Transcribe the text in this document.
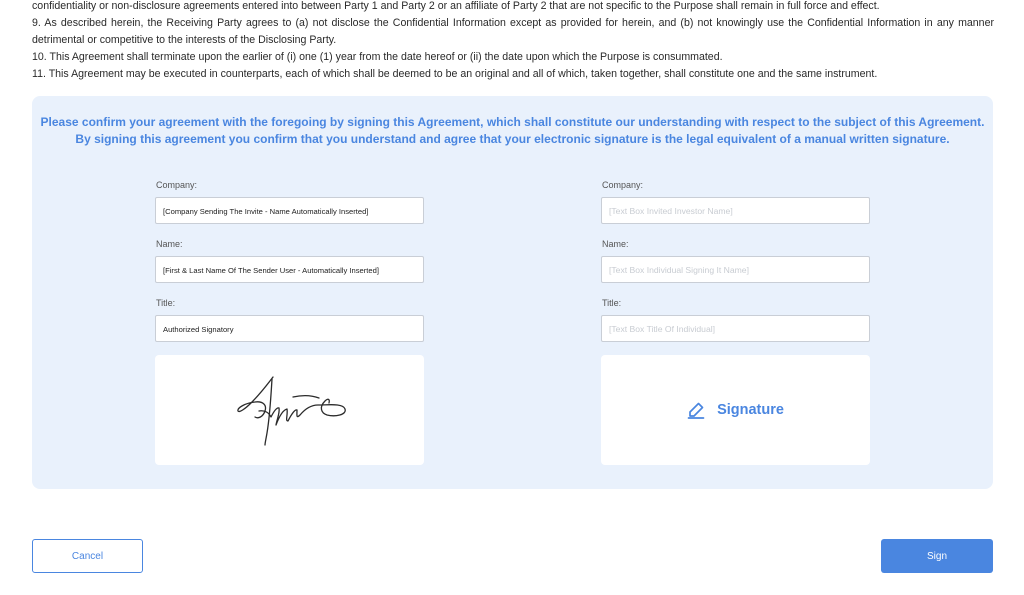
confidentiality or non-disclosure agreements entered into between Party 1 and Party 2 or an affiliate of Party 2 that are not specific to the Purpose shall remain in full force and effect.

9. As described herein, the Receiving Party agrees to (a) not disclose the Confidential Information except as provided for herein, and (b) not knowingly use the Confidential Information in any manner detrimental or competitive to the interests of the Disclosing Party.

10. This Agreement shall terminate upon the earlier of (i) one (1) year from the date hereof or (ii) the date upon which the Purpose is consummated.

11. This Agreement may be executed in counterparts, each of which shall be deemed to be an original and all of which, taken together, shall constitute one and the same instrument.

Please confirm your agreement with the foregoing by signing this Agreement, which shall constitute our understanding with respect to the subject of this Agreement.

By signing this agreement you confirm that you understand and agree that your electronic signature is the legal equivalent of a manual written signature.

Company:
[Company Sending The Invite - Name Automatically Inserted]
Name:
[First & Last Name Of The Sender User - Automatically Inserted]
Title:
Authorized Signatory
Company:
[Text Box Invited Investor Name]
Name:
[Text Box Individual Signing It Name]
Title:
[Text Box Title Of Individual]
Signature
Cancel	Sign
